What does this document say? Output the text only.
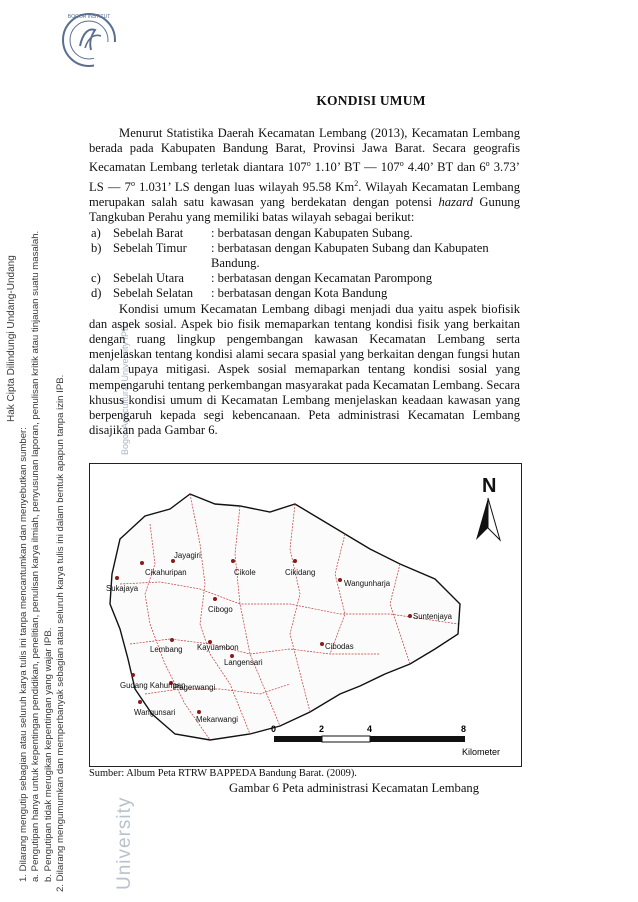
BOGOR INSTITUT
Hak Cipta Dilindungi Undang-Undang
1. Dilarang mengutip sebagian atau seluruh karya tulis ini tanpa mencantumkan dan menyebutkan sumber: a. Pengutipan hanya untuk kepentingan pendidikan, penelitian, penulisan karya ilmiah, penyusunan laporan, penulisan kritik atau tinjauan suatu masalah. b. Pengutipan tidak merugikan kepentingan yang wajar IPB. 2. Dilarang mengumumkan dan memperbanyak sebagian atau seluruh karya tulis ini dalam bentuk apapun tanpa izin IPB.	University
Bogor Agricultural University IPB
KONDISI UMUM

Menurut Statistika Daerah Kecamatan Lembang (2013), Kecamatan Lembang berada pada Kabupaten Bandung Barat, Provinsi Jawa Barat. Secara geografis Kecamatan Lembang terletak diantara 107$^o$ 1.10’ BT — 107$^o$ 4.40’ BT dan 6$^o$ 3.73’ LS — 7$^o$ 1.031’ LS dengan luas wilayah 95.58 Km$^2$. Wilayah Kecamatan Lembang merupakan salah satu kawasan yang berdekatan dengan potensi hazard Gunung Tangkuban Perahu yang memiliki batas wilayah sebagai berikut:

a) Sebelah Barat	: berbatasan dengan Kabupaten Subang.
b) Sebelah Timur	: berbatasan dengan Kabupaten Subang dan Kabupaten Bandung.
c) Sebelah Utara	: berbatasan dengan Kecamatan Parompong
d) Sebelah Selatan	: berbatasan dengan Kota Bandung

Kondisi umum Kecamatan Lembang dibagi menjadi dua yaitu aspek biofisik dan aspek sosial. Aspek bio fisik memaparkan tentang kondisi fisik yang berkaitan dengan ruang lingkup pengembangan kawasan Kecamatan Lembang serta menjelaskan tentang kondisi alami secara spasial yang berkaitan dengan fungsi hutan dalam upaya mitigasi. Aspek sosial memaparkan tentang kondisi sosial yang mempengaruhi tentang perkembangan masyarakat pada Kecamatan Lembang. Secara khusus kondisi umum di Kecamatan Lembang menjelaskan keadaan kawasan yang berpengaruh kepada segi kebencanaan. Peta administrasi Kecamatan Lembang disajikan pada Gambar 6.

Jayagiri
Cikahuripan
Sukajaya
Cikole	Cikidang
Wangunharja
Cibogo
Suntenjaya
Kayuambon
Lembang
Langensari
Cibodas
Gudang Kahuripan
Pagerwangi
Wangunsari
Mekarwangi
N
0	2	4	8
Kilometer
Sumber: Album Peta RTRW BAPPEDA Bandung Barat. (2009).
Gambar 6 Peta administrasi Kecamatan Lembang
